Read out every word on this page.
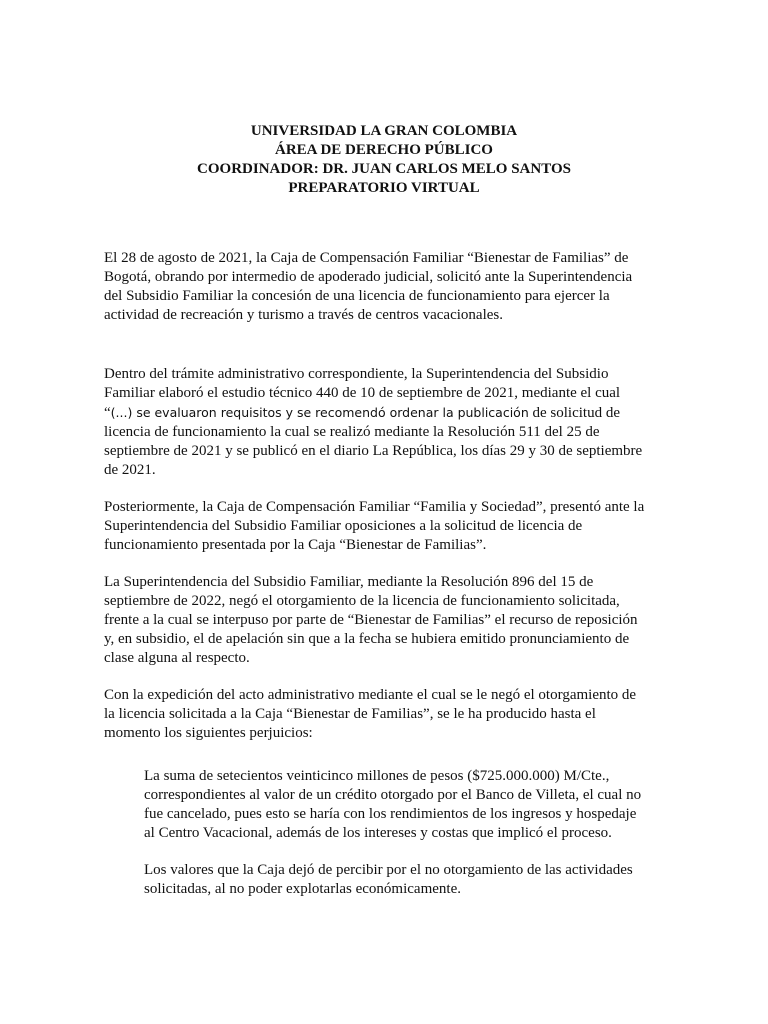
UNIVERSIDAD LA GRAN COLOMBIA
ÁREA DE DERECHO PÚBLICO
COORDINADOR: DR. JUAN CARLOS MELO SANTOS
PREPARATORIO VIRTUAL

El 28 de agosto de 2021, la Caja de Compensación Familiar “Bienestar de Familias” de

Bogotá, obrando por intermedio de apoderado judicial, solicitó ante la Superintendencia

del Subsidio Familiar la concesión de una licencia de funcionamiento para ejercer la

actividad de recreación y turismo a través de centros vacacionales.

Dentro del trámite administrativo correspondiente, la Superintendencia del Subsidio

Familiar elaboró el estudio técnico 440 de 10 de septiembre de 2021, mediante el cual

“(...) se evaluaron requisitos y se recomendó ordenar la publicación de solicitud de

licencia de funcionamiento la cual se realizó mediante la Resolución 511 del 25 de

septiembre de 2021 y se publicó en el diario La República, los días 29 y 30 de septiembre

de 2021.

Posteriormente, la Caja de Compensación Familiar “Familia y Sociedad”, presentó ante la

Superintendencia del Subsidio Familiar oposiciones a la solicitud de licencia de

funcionamiento presentada por la Caja “Bienestar de Familias”.

La Superintendencia del Subsidio Familiar, mediante la Resolución 896 del 15 de

septiembre de 2022, negó el otorgamiento de la licencia de funcionamiento solicitada,

frente a la cual se interpuso por parte de “Bienestar de Familias” el recurso de reposición

y, en subsidio, el de apelación sin que a la fecha se hubiera emitido pronunciamiento de

clase alguna al respecto.

Con la expedición del acto administrativo mediante el cual se le negó el otorgamiento de

la licencia solicitada a la Caja “Bienestar de Familias”, se le ha producido hasta el

momento los siguientes perjuicios:

La suma de setecientos veinticinco millones de pesos ($725.000.000) M/Cte.,

correspondientes al valor de un crédito otorgado por el Banco de Villeta, el cual no

fue cancelado, pues esto se haría con los rendimientos de los ingresos y hospedaje

al Centro Vacacional, además de los intereses y costas que implicó el proceso.

Los valores que la Caja dejó de percibir por el no otorgamiento de las actividades

solicitadas, al no poder explotarlas económicamente.
